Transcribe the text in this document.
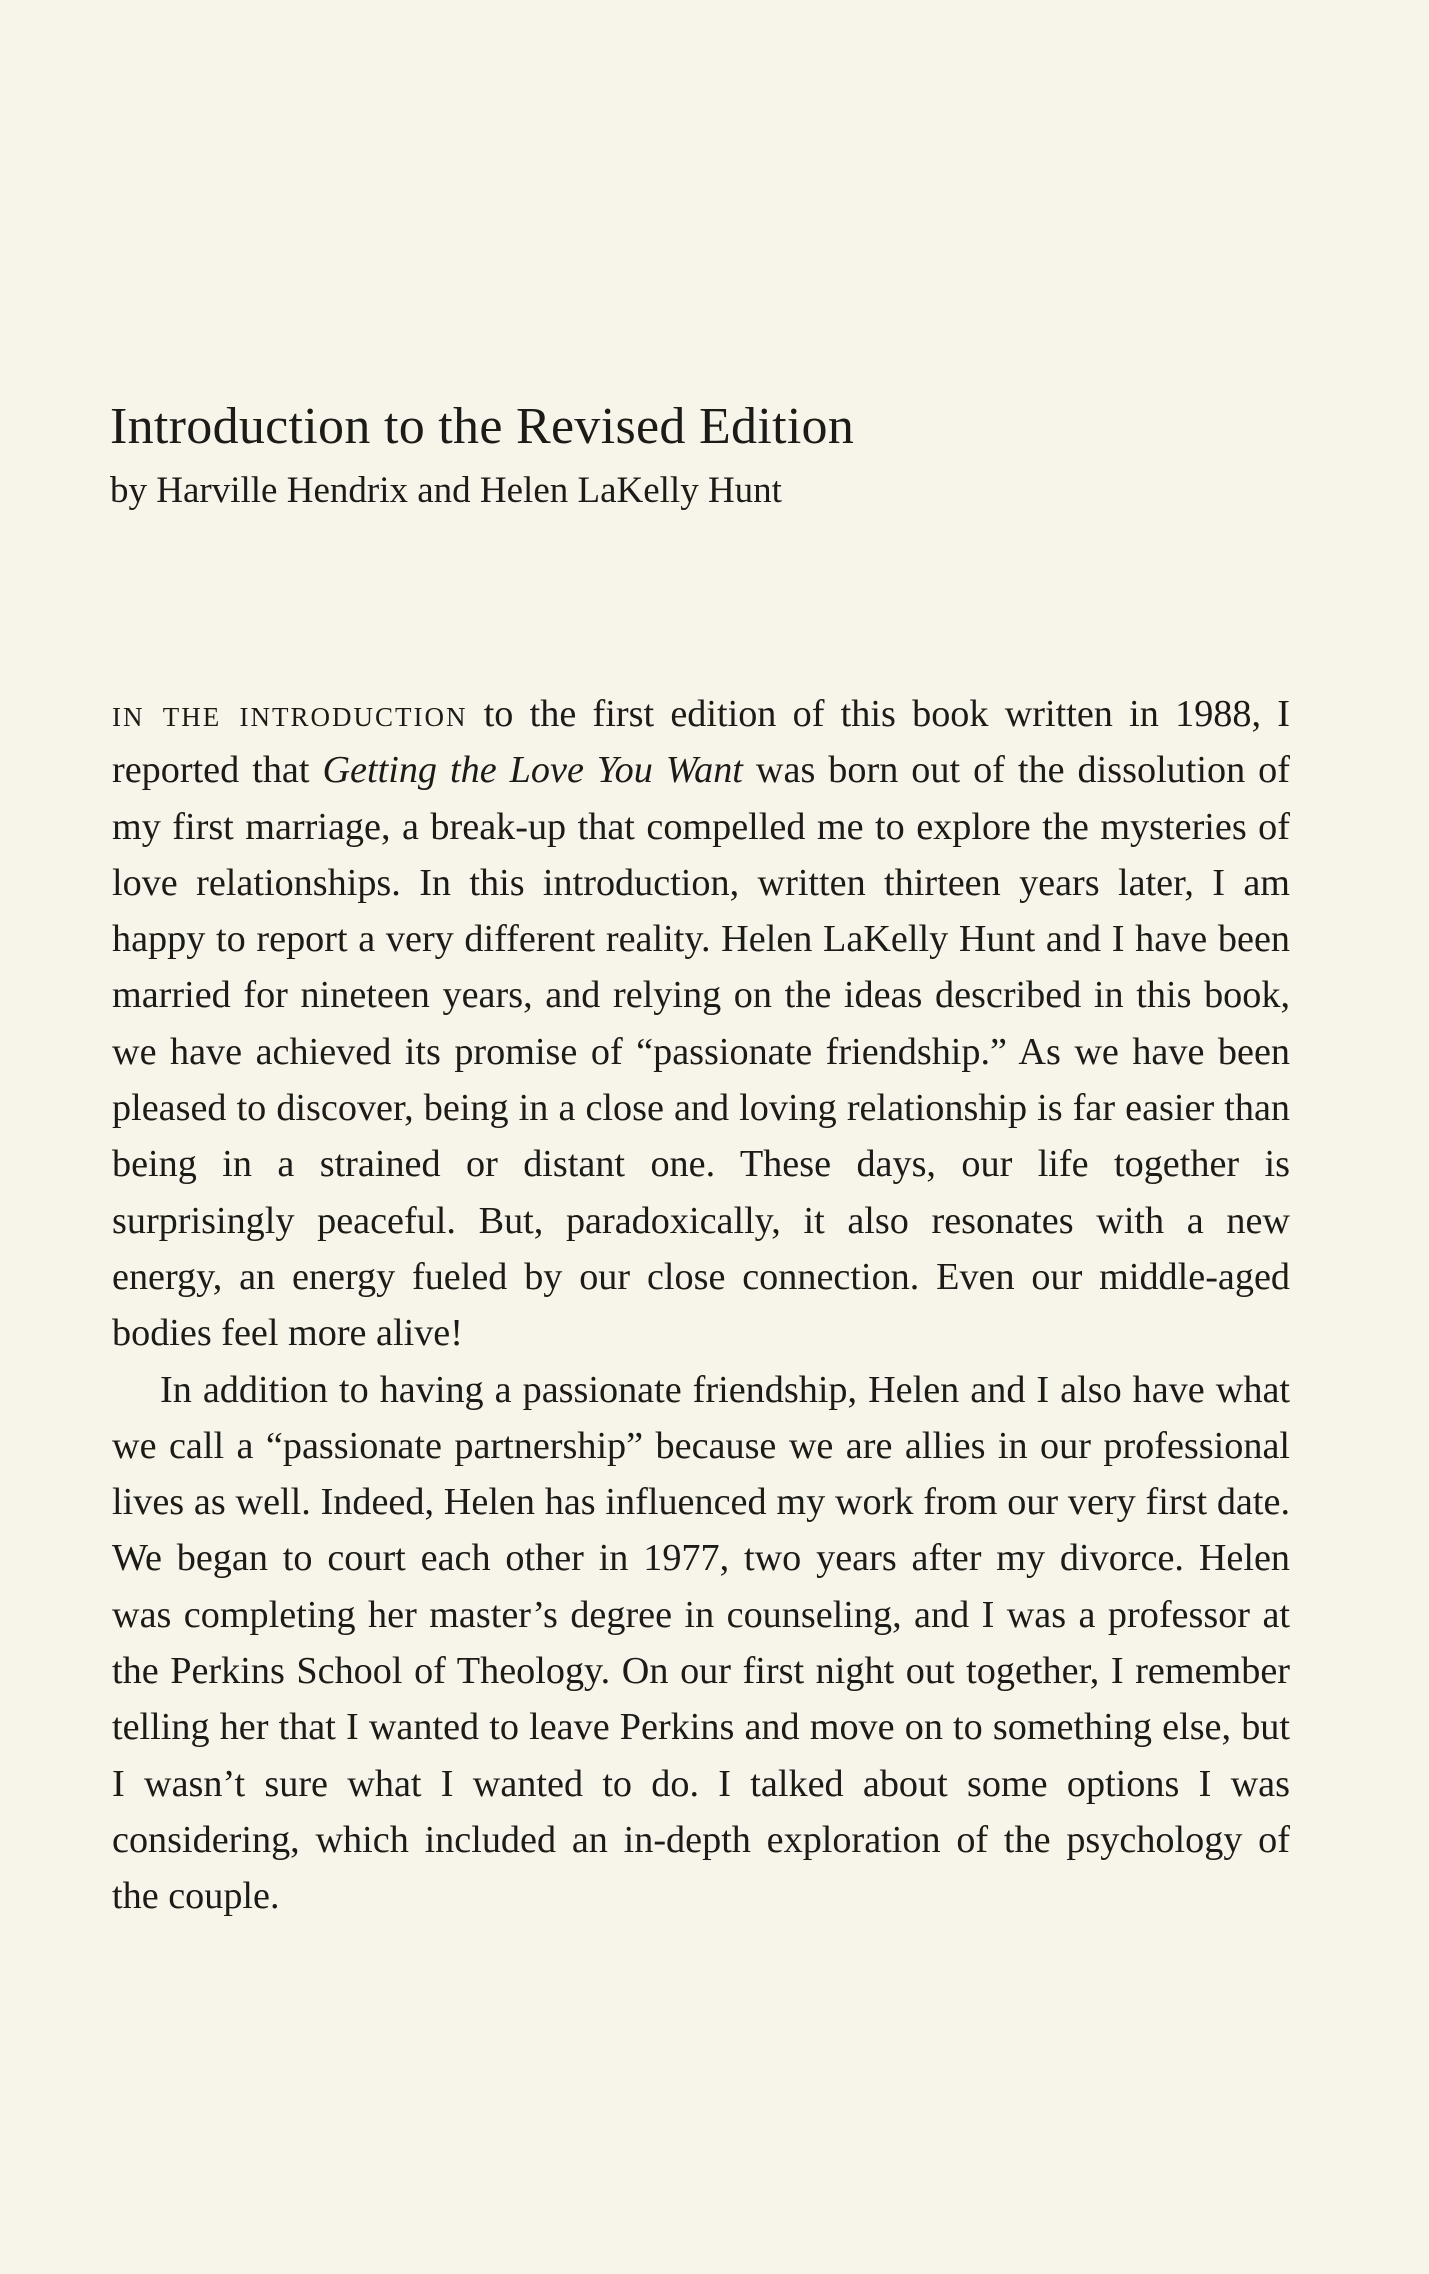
Introduction to the Revised Edition
by Harville Hendrix and Helen LaKelly Hunt

in the introduction to the first edition of this book written in 1988, I reported that Getting the Love You Want was born out of the dissolution of my first marriage, a break-up that compelled me to explore the mysteries of love relationships. In this introduction, written thirteen years later, I am happy to report a very different reality. Helen LaKelly Hunt and I have been married for nineteen years, and relying on the ideas described in this book, we have achieved its promise of “passionate friendship.” As we have been pleased to discover, being in a close and loving relationship is far easier than being in a strained or distant one. These days, our life together is surprisingly peaceful. But, paradoxically, it also resonates with a new energy, an energy fueled by our close connection. Even our middle-aged bodies feel more alive!

In addition to having a passionate friendship, Helen and I also have what we call a “passionate partnership” because we are allies in our professional lives as well. Indeed, Helen has influenced my work from our very first date. We began to court each other in 1977, two years after my divorce. Helen was completing her master’s degree in counseling, and I was a professor at the Perkins School of Theology. On our first night out together, I remember telling her that I wanted to leave Perkins and move on to something else, but I wasn’t sure what I wanted to do. I talked about some options I was considering, which included an in-depth exploration of the psychology of the couple.
